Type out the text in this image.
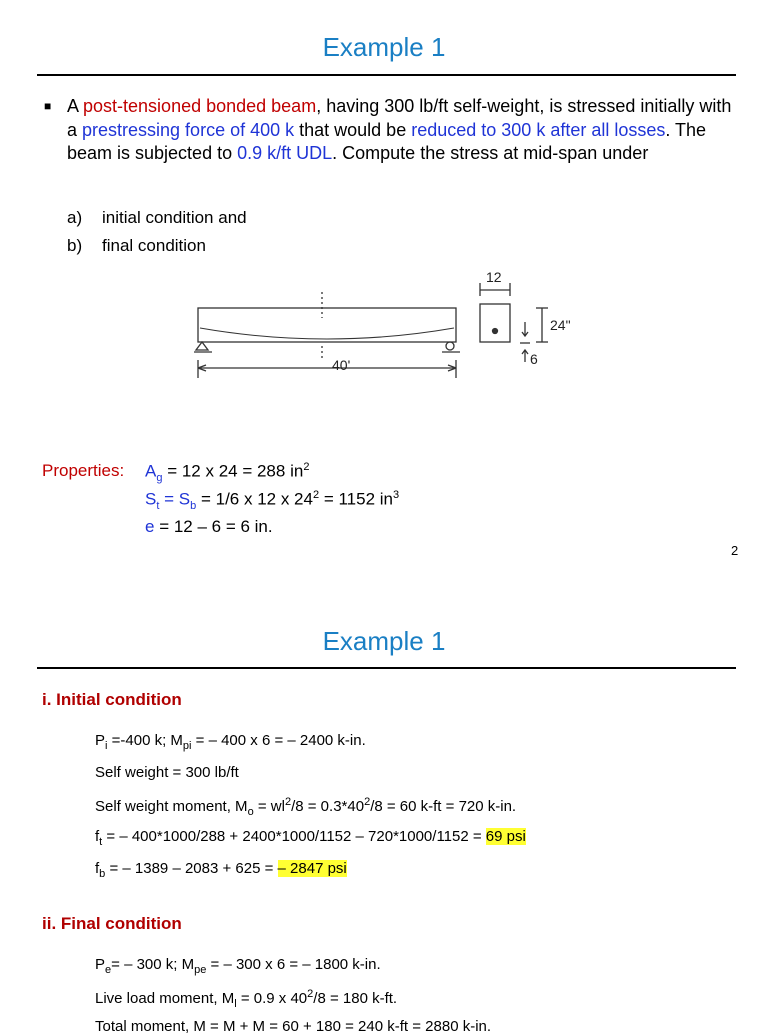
Example 1
■ A post-tensioned bonded beam, having 300 lb/ft self-weight, is stressed initially with a prestressing force of 400 k that would be reduced to 300 k after all losses. The beam is subjected to 0.9 k/ft UDL. Compute the stress at mid-span under
a) initial condition and
b) final condition
12
24"
6
40'
Properties: $A_g = 12$ x 24 = 288 $in^2$
$S_t = S_b = 1/6$ x 12 x $24^2 = 1152$ $in^3$
e = 12 – 6 = 6 in.
2
Example 1
i. Initial condition
$P_i =-400$ k; $M_{pi}$ = – 400 x 6 = – 2400 k-in.
Self weight = 300 lb/ft
Self weight moment, $M_o = wl^2/8 = 0.3*40^2/8 = 60$ k-ft = 720 k-in.
$f_t$ = – 400*1000/288 + 2400*1000/1152 – 720*1000/1152 = 69 psi
$f_b$ = – 1389 – 2083 + 625 = – 2847 psi
ii. Final condition
$P_e= - 300$ k; $M_{pe}$ = – 300 x 6 = – 1800 k-in.
Live load moment, $M_l = 0.9$ x $40^2/8 = 180$ k-ft.
Total moment, M = M + M = 60 + 180 = 240 k-ft = 2880 k-in.
